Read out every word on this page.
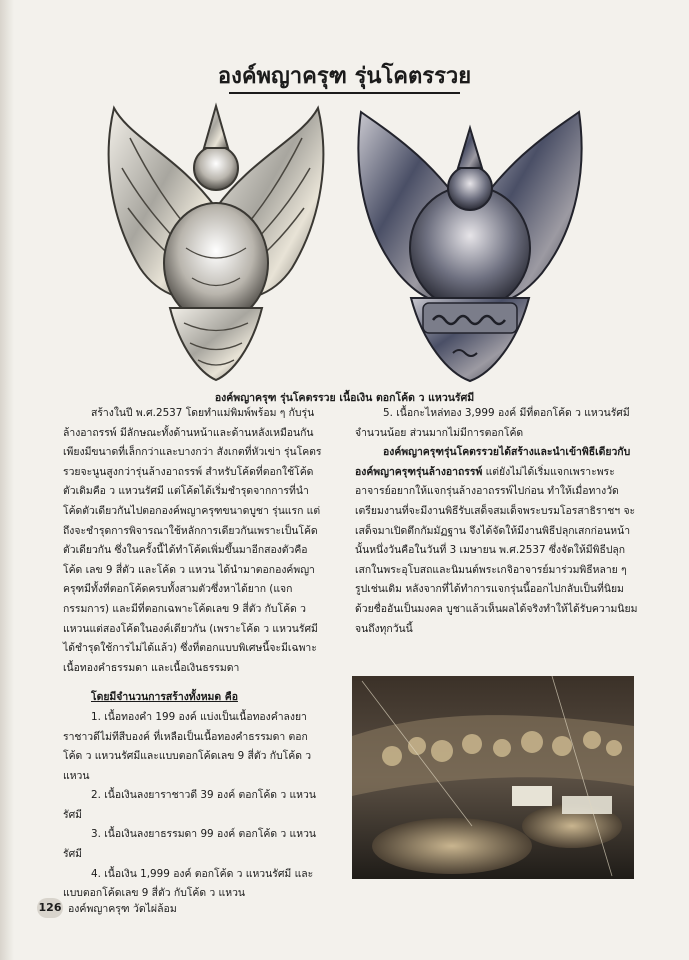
องค์พญาครุฑ รุ่นโคตรรวย
องค์พญาครุฑ รุ่นโคตรรวย เนื้อเงิน ตอกโค้ด ว แหวนรัศมี

สร้างในปี พ.ศ.2537 โดยทำแม่พิมพ์พร้อม ๆ กับรุ่นล้างอาถรรพ์ มีลักษณะทั้งด้านหน้าและด้านหลังเหมือนกัน เพียงมีขนาดที่เล็กกว่าและบางกว่า สังเกตที่หัวเข่า รุ่นโคตรรวยจะนูนสูงกว่ารุ่นล้างอาถรรพ์ สำหรับโค้ดที่ตอกใช้โค้ดตัวเดิมคือ ว แหวนรัศมี แต่โค้ดได้เริ่มชำรุดจากการที่นำโค้ดตัวเดียวกันไปตอกองค์พญาครุฑขนาดบูชา รุ่นแรก แต่ถึงจะชำรุดการพิจารณาใช้หลักการเดียวกันเพราะเป็นโค้ดตัวเดียวกัน ซึ่งในครั้งนี้ได้ทำโค้ดเพิ่มขึ้นมาอีกสองตัวคือโค้ด เลข 9 สี่ตัว และโค้ด ว แหวน ได้นำมาตอกองค์พญาครุฑมีทั้งที่ตอกโค้ดครบทั้งสามตัวซึ่งหาได้ยาก (แจกกรรมการ) และมีที่ตอกเฉพาะโค้ดเลข 9 สี่ตัว กับโค้ด ว แหวนแต่สองโค้ดในองค์เดียวกัน (เพราะโค้ด ว แหวนรัศมีได้ชำรุดใช้การไม่ได้แล้ว) ซึ่งที่ตอกแบบพิเศษนี้จะมีเฉพาะเนื้อทองคำธรรมดา และเนื้อเงินธรรมดา

โดยมีจำนวนการสร้างทั้งหมด คือ

1. เนื้อทองคำ 199 องค์ แบ่งเป็นเนื้อทองคำลงยาราชาวดีไม่ทีสีบองค์ ที่เหลือเป็นเนื้อทองคำธรรมดา ตอกโค้ด ว แหวนรัศมีและแบบตอกโค้ดเลข 9 สี่ตัว กับโค้ด ว แหวน

2. เนื้อเงินลงยาราชาวดี 39 องค์ ตอกโค้ด ว แหวนรัศมี

3. เนื้อเงินลงยาธรรมดา 99 องค์ ตอกโค้ด ว แหวนรัศมี

4. เนื้อเงิน 1,999 องค์ ตอกโค้ด ว แหวนรัศมี และแบบตอกโค้ดเลข 9 สี่ตัว กับโค้ด ว แหวน

5. เนื้อกะไหล่ทอง 3,999 องค์ มีที่ตอกโค้ด ว แหวนรัศมีจำนวนน้อย ส่วนมากไม่มีการตอกโค้ด

องค์พญาครุฑรุ่นโคตรรวยได้สร้างและนำเข้าพิธีเดียวกับองค์พญาครุฑรุ่นล้างอาถรรพ์ แต่ยังไม่ได้เริ่มแจกเพราะพระอาจารย์อยากให้แจกรุ่นล้างอาถรรพ์ไปก่อน ทำให้เมื่อทางวัดเตรียมงานที่จะมีงานพิธีรับเสด็จสมเด็จพระบรมโอรสาธิราชฯ จะเสด็จมาเปิดตึกกัมมัฏฐาน จึงได้จัดให้มีงานพิธีปลุกเสกก่อนหน้านั้นหนึ่งวันคือในวันที่ 3 เมษายน พ.ศ.2537 ซึ่งจัดให้มีพิธีปลุกเสกในพระอุโบสถและนิมนต์พระเกจิอาจารย์มาร่วมพิธีหลาย ๆ รูปเช่นเดิม หลังจากที่ได้ทำการแจกรุ่นนี้ออกไปกลับเป็นที่นิยมด้วยชื่ออันเป็นมงคล บูชาแล้วเห็นผลได้จริงทำให้ได้รับความนิยมจนถึงทุกวันนี้

126 องค์พญาครุฑ วัดไผ่ล้อม
